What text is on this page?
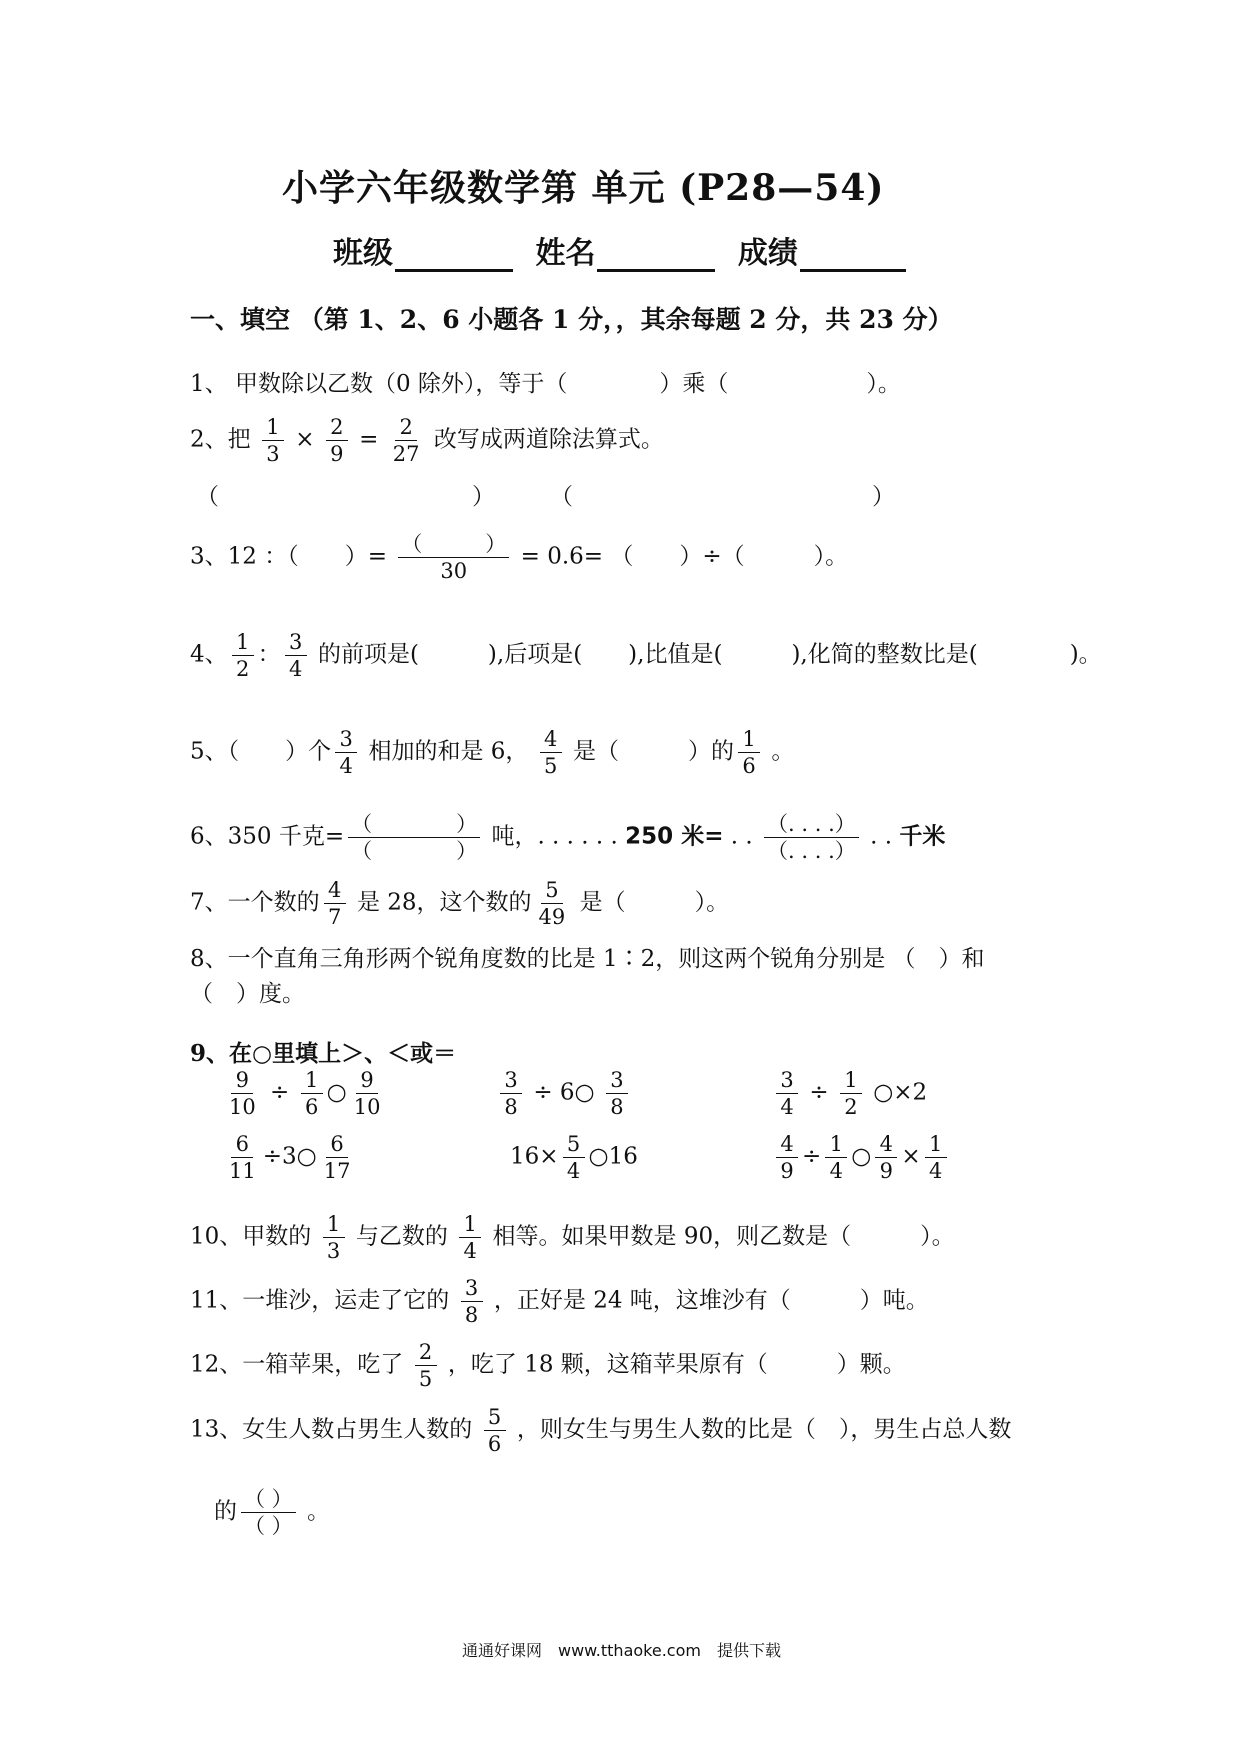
小学六年级数学第 单元 (P28—54)
班级	姓名	成绩
一、填空 （第 1、2、6 小题各 1 分，，其余每题 2 分，共 23 分）
1、 甲数除以乙数（0 除外），等于（　　　　）乘（　　　　　　）。
2、把 $\frac{1}{3} \times \frac{2}{9} = \frac{2}{27}$ 改写成两道除法算式。
（　　　　　　　　　　　） （　　　　　　　　　　　　　）
3、12 ：（　　）= $\frac{( )}{30} = 0.6=$ （　　）÷（　　　）。
4、 $\frac{1}{2}$ ： $\frac{3}{4}$ 的前项是(　　　),后项是(　　),比值是(　　　),化简的整数比是(　　　　)。
5、（　　）个 $\frac{3}{4}$ 相加的和是 6， $\frac{4}{5}$ 是（　　　）的 $\frac{1}{6}$ 。
6、350 千克= $\frac{( )}{( )}$ 吨，. . . . . . 250 米= . . $\frac{(. . . .)}{(. . . .)}$ . . 千米
7、一个数的 $\frac{4}{7}$ 是 28，这个数的 $\frac{5}{49}$ 是（　　　）。
8、一个直角三角形两个锐角度数的比是 1∶2，则这两个锐角分别是 （　）和
（　）度。
9、在○里填上＞、＜或＝
$\frac{9}{10} \div \frac{1}{6}$ ○ $\frac{9}{10}$	$\frac{3}{8}$ ÷ 6○ $\frac{3}{8}$	$\frac{3}{4} \div \frac{1}{2}$ ○×2
$\frac{6}{11}$ ÷3○ $\frac{6}{17}$	$16\times \frac{5}{4}$ ○16	$\frac{4}{9} \div \frac{1}{4}$ ○ $\frac{4}{9} \times \frac{1}{4}$
10、甲数的 $\frac{1}{3}$ 与乙数的 $\frac{1}{4}$ 相等。如果甲数是 90，则乙数是（　　　）。
11、一堆沙，运走了它的 $\frac{3}{8}$ ，正好是 24 吨，这堆沙有（　　　）吨。
12、一箱苹果，吃了 $\frac{2}{5}$ ，吃了 18 颗，这箱苹果原有（　　　）颗。
13、女生人数占男生人数的 $\frac{5}{6}$ ，则女生与男生人数的比是（　），男生占总人数
的 $\frac{( )}{( )}$ 。
通通好课网　www.tthaoke.com　提供下载
